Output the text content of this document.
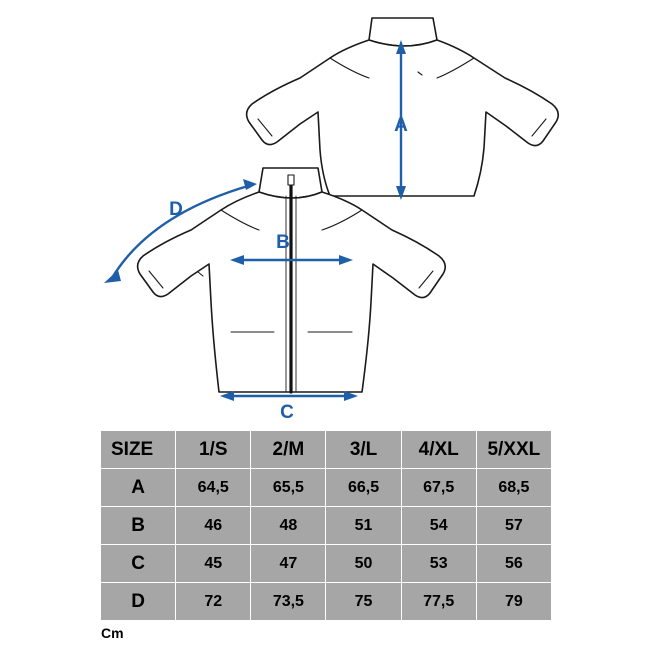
A
B
C
D
SIZE	1/S	2/M	3/L	4/XL	5/XXL
A	64,5	65,5	66,5	67,5	68,5
B	46	48	51	54	57
C	45	47	50	53	56
D	72	73,5	75	77,5	79
Cm
